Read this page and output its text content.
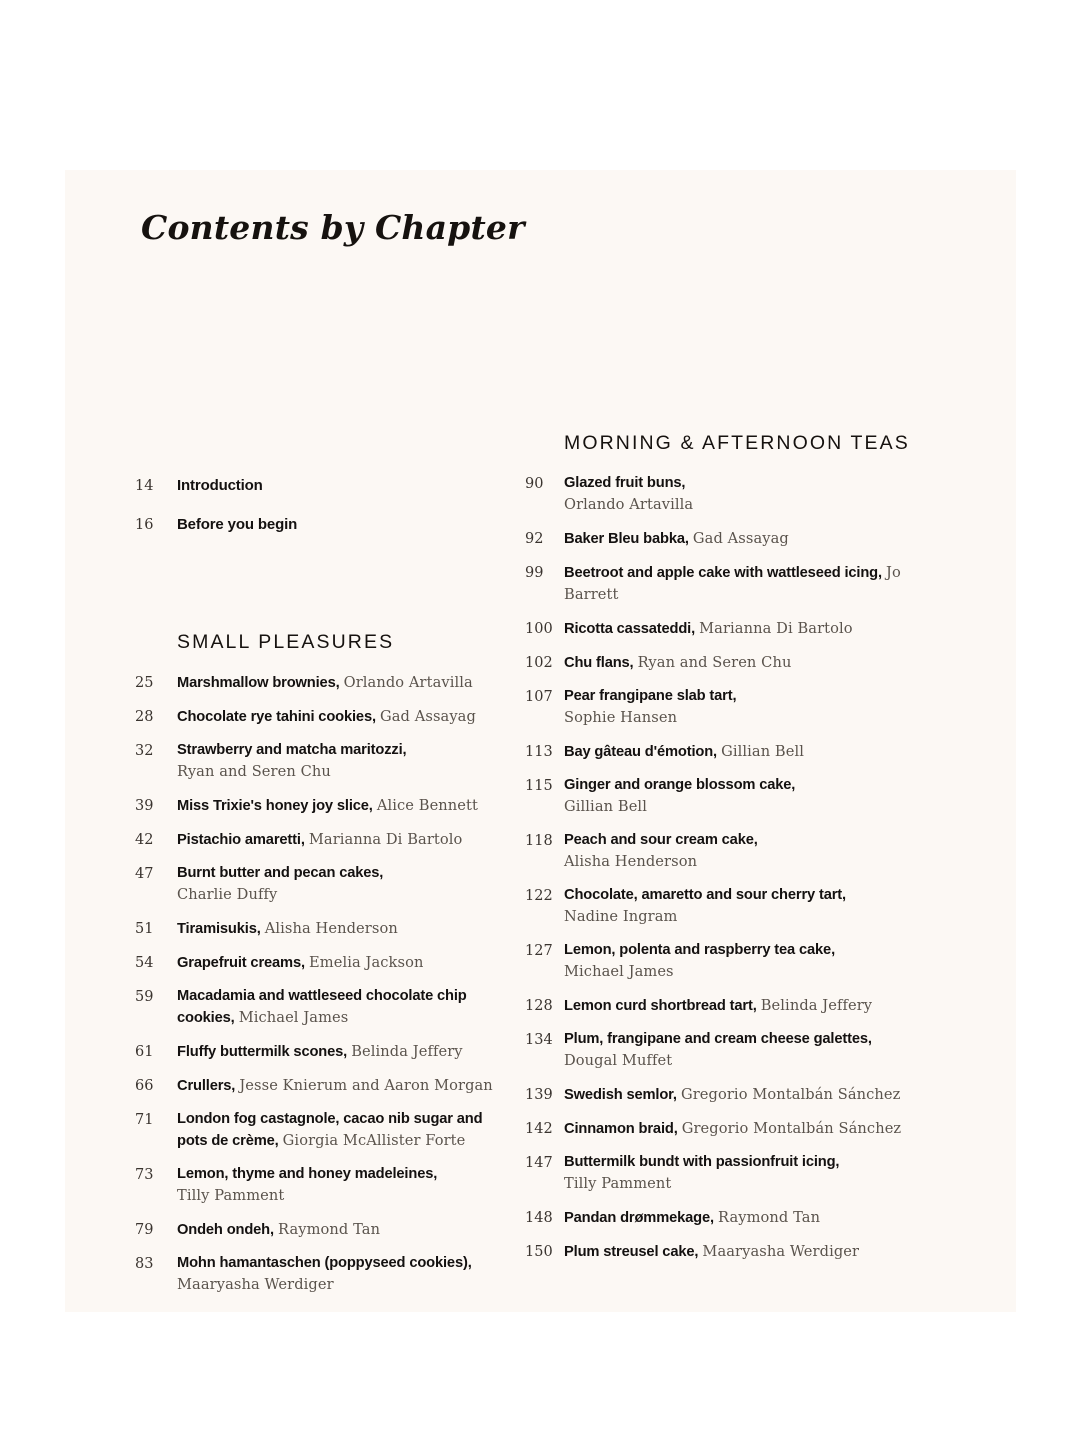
Contents by Chapter
14	Introduction
16	Before you begin
SMALL PLEASURES
25	Marshmallow brownies, Orlando Artavilla
28	Chocolate rye tahini cookies, Gad Assayag
32	Strawberry and matcha maritozzi,
Ryan and Seren Chu
39	Miss Trixie's honey joy slice, Alice Bennett
42	Pistachio amaretti, Marianna Di Bartolo
47	Burnt butter and pecan cakes,
Charlie Duffy
51	Tiramisukis, Alisha Henderson
54	Grapefruit creams, Emelia Jackson
59	Macadamia and wattleseed chocolate chip cookies, Michael James
61	Fluffy buttermilk scones, Belinda Jeffery
66	Crullers, Jesse Knierum and Aaron Morgan
71	London fog castagnole, cacao nib sugar and pots de crème, Giorgia McAllister Forte
73	Lemon, thyme and honey madeleines,
Tilly Pamment
79	Ondeh ondeh, Raymond Tan
83	Mohn hamantaschen (poppyseed cookies),
Maaryasha Werdiger
MORNING & AFTERNOON TEAS
90	Glazed fruit buns,
Orlando Artavilla
92	Baker Bleu babka, Gad Assayag
99	Beetroot and apple cake with wattleseed icing, Jo Barrett
100 Ricotta cassateddi, Marianna Di Bartolo
102 Chu flans, Ryan and Seren Chu
107 Pear frangipane slab tart,
Sophie Hansen
113 Bay gâteau d'émotion, Gillian Bell
115 Ginger and orange blossom cake,
Gillian Bell
118 Peach and sour cream cake,
Alisha Henderson
122 Chocolate, amaretto and sour cherry tart,
Nadine Ingram
127 Lemon, polenta and raspberry tea cake,
Michael James
128 Lemon curd shortbread tart, Belinda Jeffery
134 Plum, frangipane and cream cheese galettes,
Dougal Muffet
139 Swedish semlor, Gregorio Montalbán Sánchez
142 Cinnamon braid, Gregorio Montalbán Sánchez
147 Buttermilk bundt with passionfruit icing,
Tilly Pamment
148 Pandan drømmekage, Raymond Tan
150 Plum streusel cake, Maaryasha Werdiger
